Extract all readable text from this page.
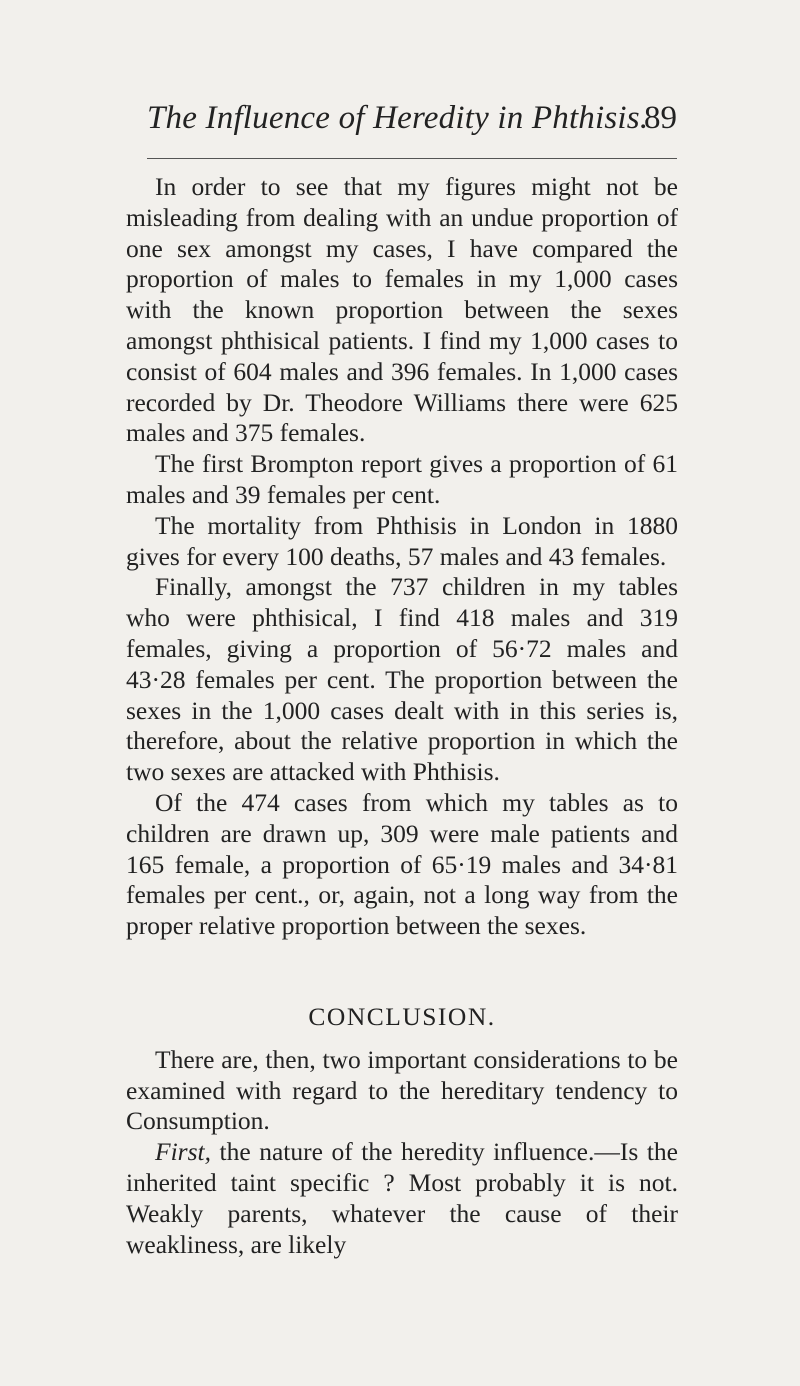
The Influence of Heredity in Phthisis.
89

In order to see that my figures might not be misleading from dealing with an undue proportion of one sex amongst my cases, I have compared the proportion of males to females in my 1,000 cases with the known proportion between the sexes amongst phthisical patients. I find my 1,000 cases to consist of 604 males and 396 females. In 1,000 cases recorded by Dr. Theodore Williams there were 625 males and 375 females.

The first Brompton report gives a proportion of 61 males and 39 females per cent.

The mortality from Phthisis in London in 1880 gives for every 100 deaths, 57 males and 43 females.

Finally, amongst the 737 children in my tables who were phthisical, I find 418 males and 319 females, giving a proportion of 56·72 males and 43·28 females per cent. The proportion between the sexes in the 1,000 cases dealt with in this series is, therefore, about the relative proportion in which the two sexes are attacked with Phthisis.

Of the 474 cases from which my tables as to children are drawn up, 309 were male patients and 165 female, a proportion of 65·19 males and 34·81 females per cent., or, again, not a long way from the proper relative proportion between the sexes.

CONCLUSION.

There are, then, two important considerations to be examined with regard to the hereditary tendency to Consumption.

First, the nature of the heredity influence.—Is the inherited taint specific ? Most probably it is not. Weakly parents, whatever the cause of their weakliness, are likely
